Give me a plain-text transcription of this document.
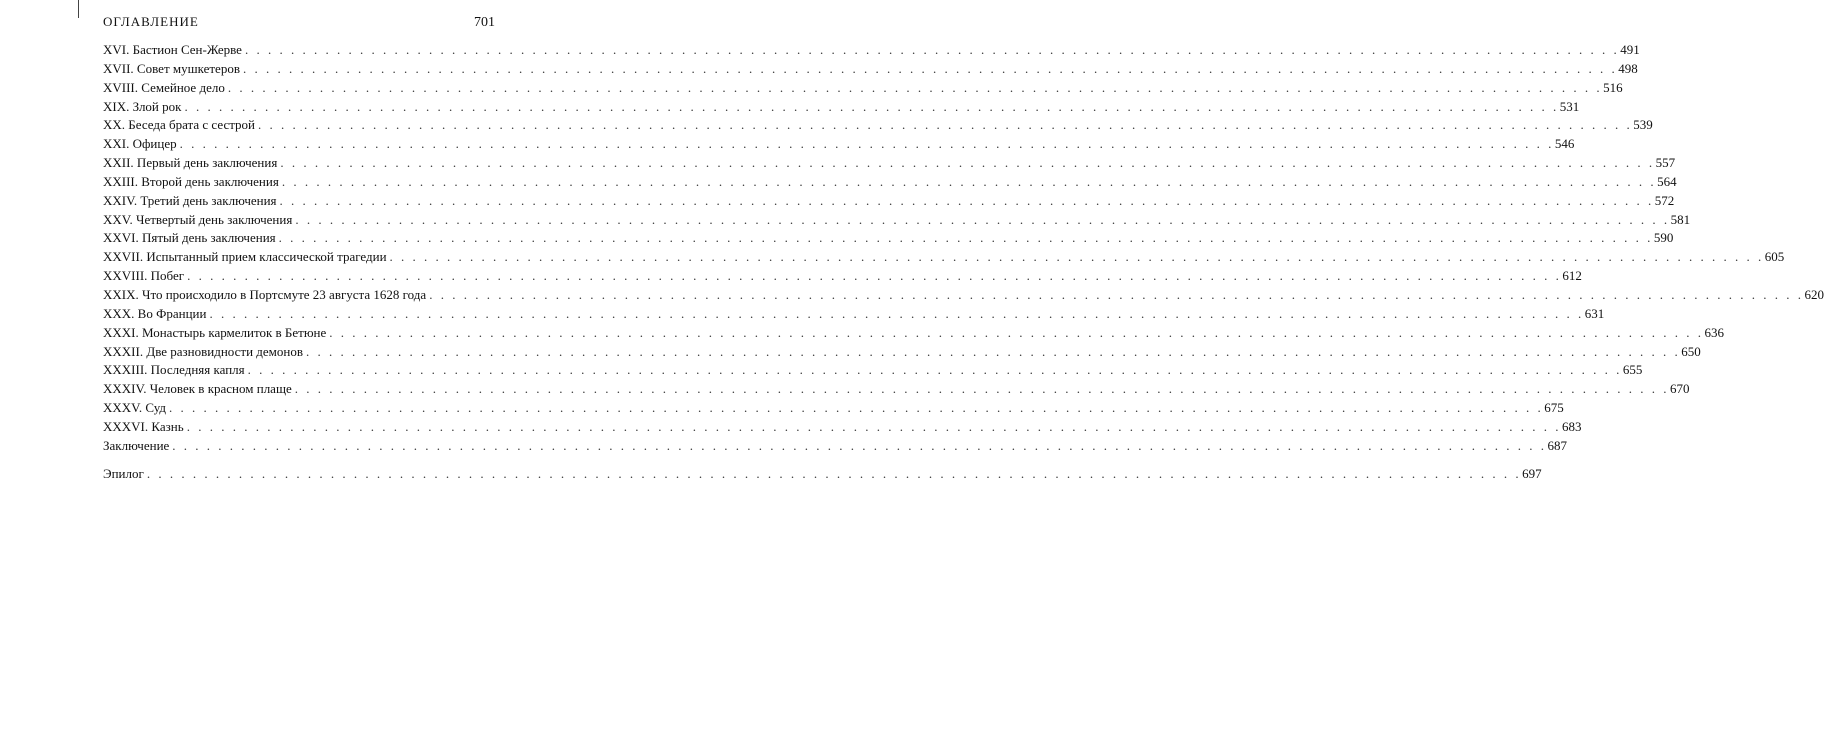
ОГЛАВЛЕНИЕ	701
XVI. Бастион Сен-Жерве . . . . . . . . . . . . . . . . . . . . . . . . . . . . . . . . . . . . . . . . . . . . . . . . . . . . . . . . . . . . . . . . . . . . . . . . . . . . . . . . . . . . . . . . . . . . . . . . . . . . . . . . . . . . . . . . . . . . . . . . 491
XVII. Совет мушкетеров . . . . . . . . . . . . . . . . . . . . . . . . . . . . . . . . . . . . . . . . . . . . . . . . . . . . . . . . . . . . . . . . . . . . . . . . . . . . . . . . . . . . . . . . . . . . . . . . . . . . . . . . . . . . . . . . . . . . . . . . 498
XVIII. Семейное дело . . . . . . . . . . . . . . . . . . . . . . . . . . . . . . . . . . . . . . . . . . . . . . . . . . . . . . . . . . . . . . . . . . . . . . . . . . . . . . . . . . . . . . . . . . . . . . . . . . . . . . . . . . . . . . . . . . . . . . . . 516
XIX. Злой рок . . . . . . . . . . . . . . . . . . . . . . . . . . . . . . . . . . . . . . . . . . . . . . . . . . . . . . . . . . . . . . . . . . . . . . . . . . . . . . . . . . . . . . . . . . . . . . . . . . . . . . . . . . . . . . . . . . . . . . . . 531
XX. Беседа брата с сестрой . . . . . . . . . . . . . . . . . . . . . . . . . . . . . . . . . . . . . . . . . . . . . . . . . . . . . . . . . . . . . . . . . . . . . . . . . . . . . . . . . . . . . . . . . . . . . . . . . . . . . . . . . . . . . . . . . . . . . . . . 539
XXI. Офицер . . . . . . . . . . . . . . . . . . . . . . . . . . . . . . . . . . . . . . . . . . . . . . . . . . . . . . . . . . . . . . . . . . . . . . . . . . . . . . . . . . . . . . . . . . . . . . . . . . . . . . . . . . . . . . . . . . . . . . . . 546
XXII. Первый день заключения . . . . . . . . . . . . . . . . . . . . . . . . . . . . . . . . . . . . . . . . . . . . . . . . . . . . . . . . . . . . . . . . . . . . . . . . . . . . . . . . . . . . . . . . . . . . . . . . . . . . . . . . . . . . . . . . . . . . . . . . 557
XXIII. Второй день заключения . . . . . . . . . . . . . . . . . . . . . . . . . . . . . . . . . . . . . . . . . . . . . . . . . . . . . . . . . . . . . . . . . . . . . . . . . . . . . . . . . . . . . . . . . . . . . . . . . . . . . . . . . . . . . . . . . . . . . . . . 564
XXIV. Третий день заключения . . . . . . . . . . . . . . . . . . . . . . . . . . . . . . . . . . . . . . . . . . . . . . . . . . . . . . . . . . . . . . . . . . . . . . . . . . . . . . . . . . . . . . . . . . . . . . . . . . . . . . . . . . . . . . . . . . . . . . . . 572
XXV. Четвертый день заключения . . . . . . . . . . . . . . . . . . . . . . . . . . . . . . . . . . . . . . . . . . . . . . . . . . . . . . . . . . . . . . . . . . . . . . . . . . . . . . . . . . . . . . . . . . . . . . . . . . . . . . . . . . . . . . . . . . . . . . . . 581
XXVI. Пятый день заключения . . . . . . . . . . . . . . . . . . . . . . . . . . . . . . . . . . . . . . . . . . . . . . . . . . . . . . . . . . . . . . . . . . . . . . . . . . . . . . . . . . . . . . . . . . . . . . . . . . . . . . . . . . . . . . . . . . . . . . . . 590
XXVII. Испытанный прием классической трагедии . . . . . . . . . . . . . . . . . . . . . . . . . . . . . . . . . . . . . . . . . . . . . . . . . . . . . . . . . . . . . . . . . . . . . . . . . . . . . . . . . . . . . . . . . . . . . . . . . . . . . . . . . . . . . . . . . . . . . . . . 605
XXVIII. Побег . . . . . . . . . . . . . . . . . . . . . . . . . . . . . . . . . . . . . . . . . . . . . . . . . . . . . . . . . . . . . . . . . . . . . . . . . . . . . . . . . . . . . . . . . . . . . . . . . . . . . . . . . . . . . . . . . . . . . . . . 612
XXIX. Что происходило в Портсмуте 23 августа 1628 года . . . . . . . . . . . . . . . . . . . . . . . . . . . . . . . . . . . . . . . . . . . . . . . . . . . . . . . . . . . . . . . . . . . . . . . . . . . . . . . . . . . . . . . . . . . . . . . . . . . . . . . . . . . . . . . . . . . . . . . . 620
XXX. Во Франции . . . . . . . . . . . . . . . . . . . . . . . . . . . . . . . . . . . . . . . . . . . . . . . . . . . . . . . . . . . . . . . . . . . . . . . . . . . . . . . . . . . . . . . . . . . . . . . . . . . . . . . . . . . . . . . . . . . . . . . . 631
XXXI. Монастырь кармелиток в Бетюне . . . . . . . . . . . . . . . . . . . . . . . . . . . . . . . . . . . . . . . . . . . . . . . . . . . . . . . . . . . . . . . . . . . . . . . . . . . . . . . . . . . . . . . . . . . . . . . . . . . . . . . . . . . . . . . . . . . . . . . . 636
XXXII. Две разновидности демонов . . . . . . . . . . . . . . . . . . . . . . . . . . . . . . . . . . . . . . . . . . . . . . . . . . . . . . . . . . . . . . . . . . . . . . . . . . . . . . . . . . . . . . . . . . . . . . . . . . . . . . . . . . . . . . . . . . . . . . . . 650
XXXIII. Последняя капля . . . . . . . . . . . . . . . . . . . . . . . . . . . . . . . . . . . . . . . . . . . . . . . . . . . . . . . . . . . . . . . . . . . . . . . . . . . . . . . . . . . . . . . . . . . . . . . . . . . . . . . . . . . . . . . . . . . . . . . . 655
XXXIV. Человек в красном плаще . . . . . . . . . . . . . . . . . . . . . . . . . . . . . . . . . . . . . . . . . . . . . . . . . . . . . . . . . . . . . . . . . . . . . . . . . . . . . . . . . . . . . . . . . . . . . . . . . . . . . . . . . . . . . . . . . . . . . . . . 670
XXXV. Суд . . . . . . . . . . . . . . . . . . . . . . . . . . . . . . . . . . . . . . . . . . . . . . . . . . . . . . . . . . . . . . . . . . . . . . . . . . . . . . . . . . . . . . . . . . . . . . . . . . . . . . . . . . . . . . . . . . . . . . . . 675
XXXVI. Казнь . . . . . . . . . . . . . . . . . . . . . . . . . . . . . . . . . . . . . . . . . . . . . . . . . . . . . . . . . . . . . . . . . . . . . . . . . . . . . . . . . . . . . . . . . . . . . . . . . . . . . . . . . . . . . . . . . . . . . . . . 683
Заключение . . . . . . . . . . . . . . . . . . . . . . . . . . . . . . . . . . . . . . . . . . . . . . . . . . . . . . . . . . . . . . . . . . . . . . . . . . . . . . . . . . . . . . . . . . . . . . . . . . . . . . . . . . . . . . . . . . . . . . . . 687
Эпилог . . . . . . . . . . . . . . . . . . . . . . . . . . . . . . . . . . . . . . . . . . . . . . . . . . . . . . . . . . . . . . . . . . . . . . . . . . . . . . . . . . . . . . . . . . . . . . . . . . . . . . . . . . . . . . . . . . . . . . . . 697
